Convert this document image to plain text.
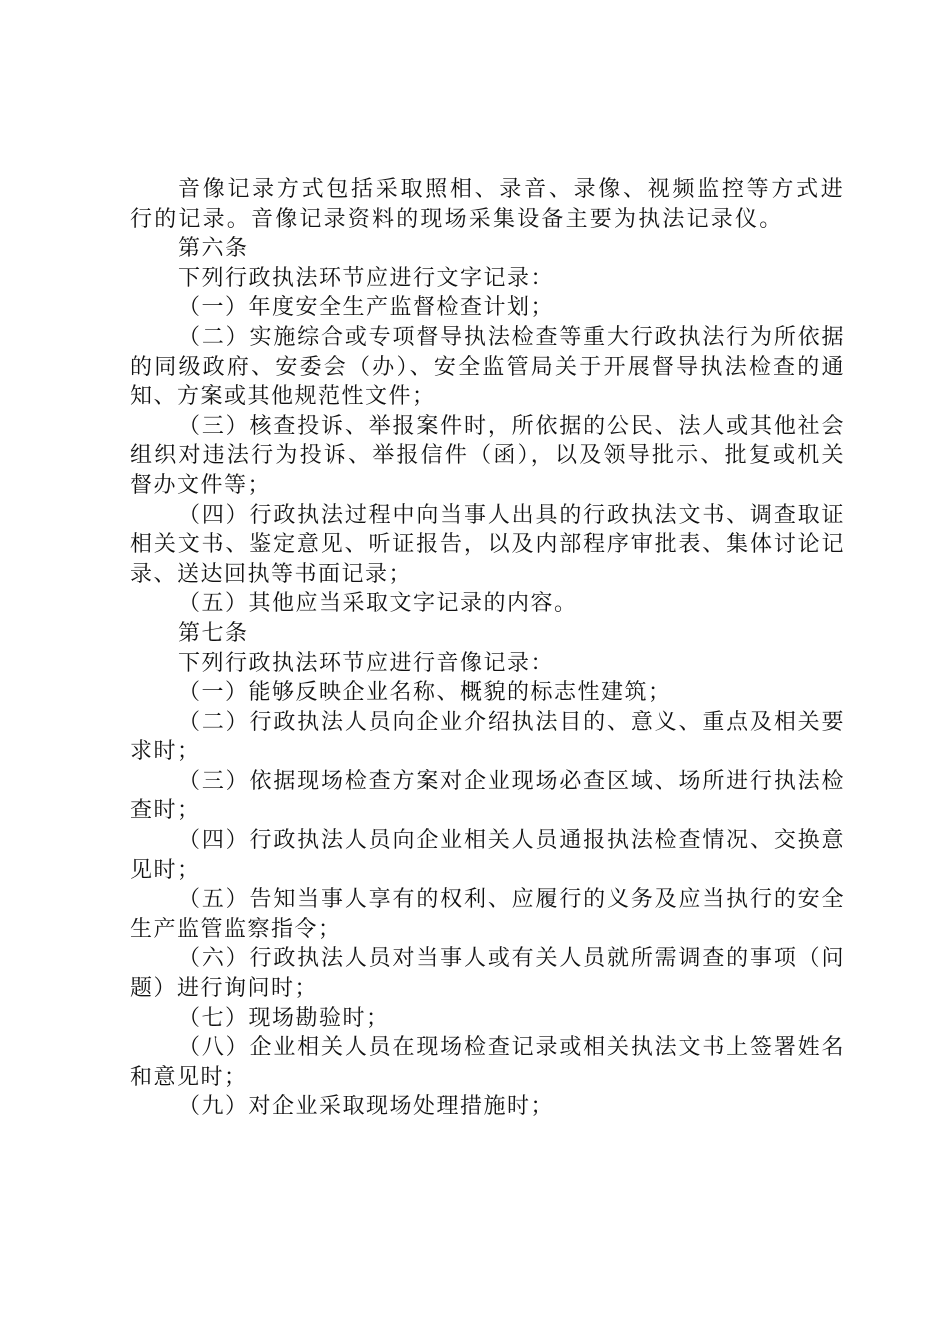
音像记录方式包括采取照相、录音、录像、视频监控等方式进行的记录。音像记录资料的现场采集设备主要为执法记录仪。

第六条

下列行政执法环节应进行文字记录：

（一）年度安全生产监督检查计划；

（二）实施综合或专项督导执法检查等重大行政执法行为所依据的同级政府、安委会（办）、安全监管局关于开展督导执法检查的通知、方案或其他规范性文件；

（三）核查投诉、举报案件时，所依据的公民、法人或其他社会组织对违法行为投诉、举报信件（函），以及领导批示、批复或机关督办文件等；

（四）行政执法过程中向当事人出具的行政执法文书、调查取证相关文书、鉴定意见、听证报告，以及内部程序审批表、集体讨论记录、送达回执等书面记录；

（五）其他应当采取文字记录的内容。

第七条

下列行政执法环节应进行音像记录：

（一）能够反映企业名称、概貌的标志性建筑；

（二）行政执法人员向企业介绍执法目的、意义、重点及相关要求时；

（三）依据现场检查方案对企业现场必查区域、场所进行执法检查时；

（四）行政执法人员向企业相关人员通报执法检查情况、交换意见时；

（五）告知当事人享有的权利、应履行的义务及应当执行的安全生产监管监察指令；

（六）行政执法人员对当事人或有关人员就所需调查的事项（问题）进行询问时；

（七）现场勘验时；

（八）企业相关人员在现场检查记录或相关执法文书上签署姓名和意见时；

（九）对企业采取现场处理措施时；
